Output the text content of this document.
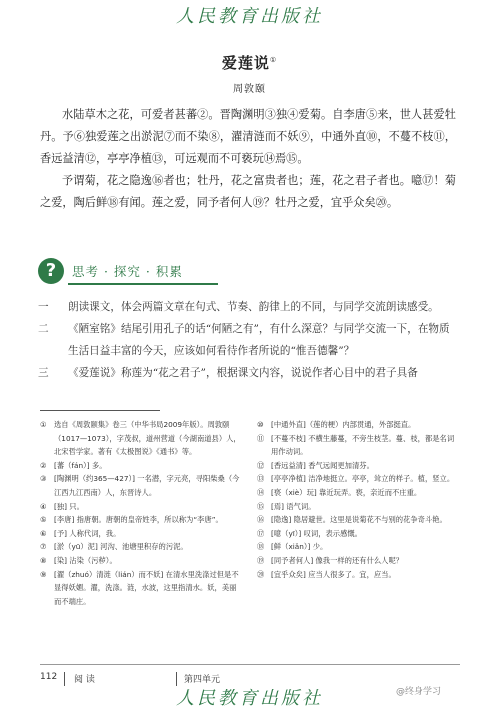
人民教育出版社
爱莲说①
周敦颐

水陆草木之花，可爱者甚蕃②。晋陶渊明③独④爱菊。自李唐⑤来，世人甚爱牡丹。予⑥独爱莲之出淤泥⑦而不染⑧，濯清涟而不妖⑨，中通外直⑩，不蔓不枝⑪，香远益清⑫，亭亭净植⑬，可远观而不可亵玩⑭焉⑮。

予谓菊，花之隐逸⑯者也；牡丹，花之富贵者也；莲，花之君子者也。噫⑰！菊之爱，陶后鲜⑱有闻。莲之爱，同予者何人⑲？牡丹之爱，宜乎众矣⑳。

?	思考 · 探究 · 积累
一	朗读课文，体会两篇文章在句式、节奏、韵律上的不同，与同学交流朗读感受。
二	《陋室铭》结尾引用孔子的话“何陋之有”，有什么深意？与同学交流一下，在物质生活日益丰富的今天，应该如何看待作者所说的“惟吾德馨”？
三	《爱莲说》称莲为“花之君子”，根据课文内容，说说作者心目中的君子具备
①	选自《周敦颐集》卷三（中华书局2009年版）。周敦颐（1017—1073），字茂叔，道州营道（今湖南道县）人，北宋哲学家。著有《太极图说》《通书》等。
②	[蕃（fán）] 多。
③	[陶渊明（约365—427）] 一名潜，字元亮，寻阳柴桑（今江西九江西南）人，东晋诗人。
④	[独] 只。
⑤	[李唐] 指唐朝。唐朝的皇帝姓李，所以称为“李唐”。
⑥	[予] 人称代词，我。
⑦	[淤（yū）泥] 河沟、池塘里积存的污泥。
⑧	[染] 沾染（污秽）。
⑨	[濯（zhuó）清涟（lián）而不妖] 在清水里洗涤过但是不显得妖媚。濯，洗涤。涟，水波，这里指清水。妖，美丽而不端庄。
⑩	[中通外直]（莲的梗）内部贯通，外部挺直。
⑪ [不蔓不枝] 不横生藤蔓，不旁生枝茎。蔓、枝，都是名词用作动词。
⑫ [香远益清] 香气远闻更加清芬。
⑬ [亭亭净植] 洁净地挺立。亭亭，耸立的样子。植，竖立。
⑭ [亵（xiè）玩] 靠近玩弄。亵，亲近而不庄重。
⑮ [焉] 语气词。
⑯ [隐逸] 隐居避世。这里是说菊花不与别的花争奇斗艳。
⑰ [噫（yī）] 叹词，表示感慨。
⑱ [鲜（xiǎn）] 少。
⑲ [同予者何人] 像我一样的还有什么人呢？
⑳ [宜乎众矣] 应当人很多了。宜，应当。
112 阅 读	第四单元
人民教育出版社	@终身学习
